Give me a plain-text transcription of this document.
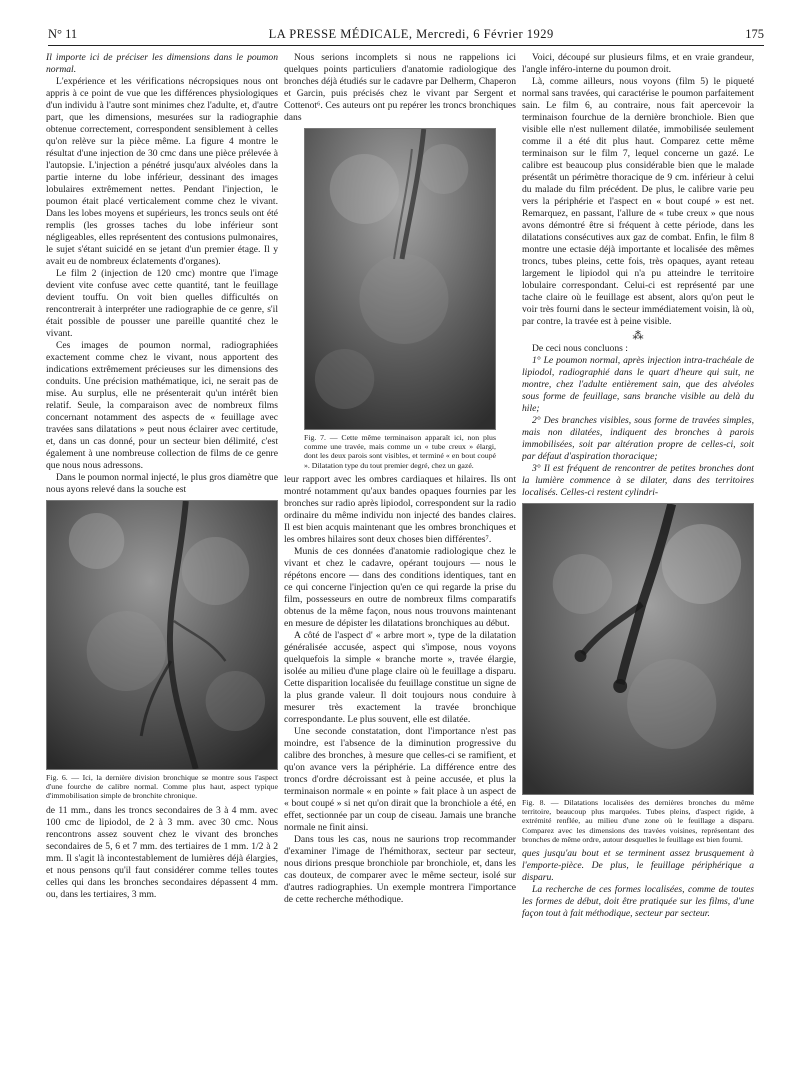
N° 11	LA PRESSE MÉDICALE, Mercredi, 6 Février 1929	175

Il importe ici de préciser les dimensions dans le poumon normal.

L'expérience et les vérifications nécropsiques nous ont appris à ce point de vue que les différences physiologiques d'un individu à l'autre sont minimes chez l'adulte, et, d'autre part, que les dimensions, mesurées sur la radiographie obtenue correctement, correspondent sensiblement à celles qu'on relève sur la pièce même. La figure 4 montre le résultat d'une injection de 30 cmc dans une pièce prélevée à l'autopsie. L'injection a pénétré jusqu'aux alvéoles dans la partie interne du lobe inférieur, dessinant des images lobulaires extrêmement nettes. Pendant l'injection, le poumon était placé verticalement comme chez le vivant. Dans les lobes moyens et supérieurs, les troncs seuls ont été remplis (les grosses taches du lobe inférieur sont négligeables, elles représentent des contusions pulmonaires, le sujet s'étant suicidé en se jetant d'un premier étage. Il y avait eu de nombreux éclatements d'organes).

Le film 2 (injection de 120 cmc) montre que l'image devient vite confuse avec cette quantité, tant le feuillage devient touffu. On voit bien quelles difficultés on rencontrerait à interpréter une radiographie de ce genre, s'il était possible de pousser une pareille quantité chez le vivant.

Ces images de poumon normal, radiographiées exactement comme chez le vivant, nous apportent des indications extrêmement précieuses sur les dimensions des conduits. Une précision mathématique, ici, ne serait pas de mise. Au surplus, elle ne présenterait qu'un intérêt bien relatif. Seule, la comparaison avec de nombreux films concernant notamment des aspects de « feuillage avec travées sans dilatations » peut nous éclairer avec certitude, et, dans un cas donné, pour un secteur bien délimité, c'est également à une nombreuse collection de films de ce genre que nous nous adressons.

Dans le poumon normal injecté, le plus gros diamètre que nous ayons relevé dans la souche est

Fig. 6. — Ici, la dernière division bronchique se montre sous l'aspect d'une fourche de calibre normal. Comme plus haut, aspect typique d'immobilisation simple de bronchite chronique.

de 11 mm., dans les troncs secondaires de 3 à 4 mm. avec 100 cmc de lipiodol, de 2 à 3 mm. avec 30 cmc. Nous rencontrons assez souvent chez le vivant des bronches secondaires de 5, 6 et 7 mm. des tertiaires de 1 mm. 1/2 à 2 mm. Il s'agit là incontestablement de lumières déjà élargies, et nous pensons qu'il faut considérer comme telles toutes celles qui dans les bronches secondaires dépassent 4 mm. ou, dans les tertiaires, 3 mm.

Nous serions incomplets si nous ne rappelions ici quelques points particuliers d'anatomie radiologique des bronches déjà étudiés sur le cadavre par Delherm, Chaperon et Garcin, puis précisés chez le vivant par Sergent et Cottenot⁶. Ces auteurs ont pu repérer les troncs bronchiques dans

Fig. 7. — Cette même terminaison apparaît ici, non plus comme une travée, mais comme un « tube creux » élargi, dont les deux parois sont visibles, et terminé « en bout coupé ». Dilatation type du tout premier degré, chez un gazé.

leur rapport avec les ombres cardiaques et hilaires. Ils ont montré notamment qu'aux bandes opaques fournies par les bronches sur radio après lipiodol, correspondent sur la radio ordinaire du même individu non injecté des bandes claires. Il est bien acquis maintenant que les ombres bronchiques et les ombres hilaires sont deux choses bien différentes⁷.

Munis de ces données d'anatomie radiologique chez le vivant et chez le cadavre, opérant toujours — nous le répétons encore — dans des conditions identiques, tant en ce qui concerne l'injection qu'en ce qui regarde la prise du film, possesseurs en outre de nombreux films comparatifs obtenus de la même façon, nous nous trouvons maintenant en mesure de dépister les dilatations bronchiques au début.

A côté de l'aspect d' « arbre mort », type de la dilatation généralisée accusée, aspect qui s'impose, nous voyons quelquefois la simple « branche morte », travée élargie, isolée au milieu d'une plage claire où le feuillage a disparu. Cette disparition localisée du feuillage constitue un signe de la plus grande valeur. Il doit toujours nous conduire à mesurer très exactement la travée bronchique correspondante. Le plus souvent, elle est dilatée.

Une seconde constatation, dont l'importance n'est pas moindre, est l'absence de la diminution progressive du calibre des bronches, à mesure que celles-ci se ramifient, et qu'on avance vers la périphérie. La différence entre des troncs d'ordre décroissant est à peine accusée, et plus la terminaison normale « en pointe » fait place à un aspect de « bout coupé » si net qu'on dirait que la bronchiole a été, en effet, sectionnée par un coup de ciseau. Jamais une branche normale ne finit ainsi.

Dans tous les cas, nous ne saurions trop recommander d'examiner l'image de l'hémithorax, secteur par secteur, nous dirions presque bronchiole par bronchiole, et, dans les cas douteux, de comparer avec le même secteur, isolé sur d'autres radiographies. Un exemple montrera l'importance de cette recherche méthodique.

Voici, découpé sur plusieurs films, et en vraie grandeur, l'angle inféro-interne du poumon droit.

Là, comme ailleurs, nous voyons (film 5) le piqueté normal sans travées, qui caractérise le poumon parfaitement sain. Le film 6, au contraire, nous fait apercevoir la terminaison fourchue de la dernière bronchiole. Bien que visible elle n'est nullement dilatée, immobilisée seulement comme il a été dit plus haut. Comparez cette même terminaison sur le film 7, lequel concerne un gazé. Le calibre est beaucoup plus considérable bien que le malade présentât un périmètre thoracique de 9 cm. inférieur à celui du malade du film précédent. De plus, le calibre varie peu vers la périphérie et l'aspect en « bout coupé » est net. Remarquez, en passant, l'allure de « tube creux » que nous avons démontré être si fréquent à cette période, dans les dilatations consécutives aux gaz de combat. Enfin, le film 8 montre une ectasie déjà importante et localisée des mêmes troncs, tubes pleins, cette fois, très opaques, ayant reteau largement le lipiodol qui n'a pu atteindre le territoire lobulaire correspondant. Celui-ci est représenté par une tache claire où le feuillage est absent, alors qu'on peut le voir très fourni dans le secteur immédiatement voisin, là où, par contre, la travée est à peine visible.

⁂

De ceci nous concluons :

1° Le poumon normal, après injection intra-trachéale de lipiodol, radiographié dans le quart d'heure qui suit, ne montre, chez l'adulte entièrement sain, que des alvéoles sous forme de feuillage, sans branche visible au delà du hile;

2° Des branches visibles, sous forme de travées simples, mais non dilatées, indiquent des bronches à parois immobilisées, soit par altération propre de celles-ci, soit par défaut d'aspiration thoracique;

3° Il est fréquent de rencontrer de petites bronches dont la lumière commence à se dilater, dans des territoires localisés. Celles-ci restent cylindri-

Fig. 8. — Dilatations localisées des dernières bronches du même territoire, beaucoup plus marquées. Tubes pleins, d'aspect rigide, à extrémité renflée, au milieu d'une zone où le feuillage a disparu. Comparez avec les dimensions des travées voisines, représentant des bronches de même ordre, autour desquelles le feuillage est bien fourni.

ques jusqu'au bout et se terminent assez brusquement à l'emporte-pièce. De plus, le feuillage périphérique a disparu.

La recherche de ces formes localisées, comme de toutes les formes de début, doit être pratiquée sur les films, d'une façon tout à fait méthodique, secteur par secteur.
